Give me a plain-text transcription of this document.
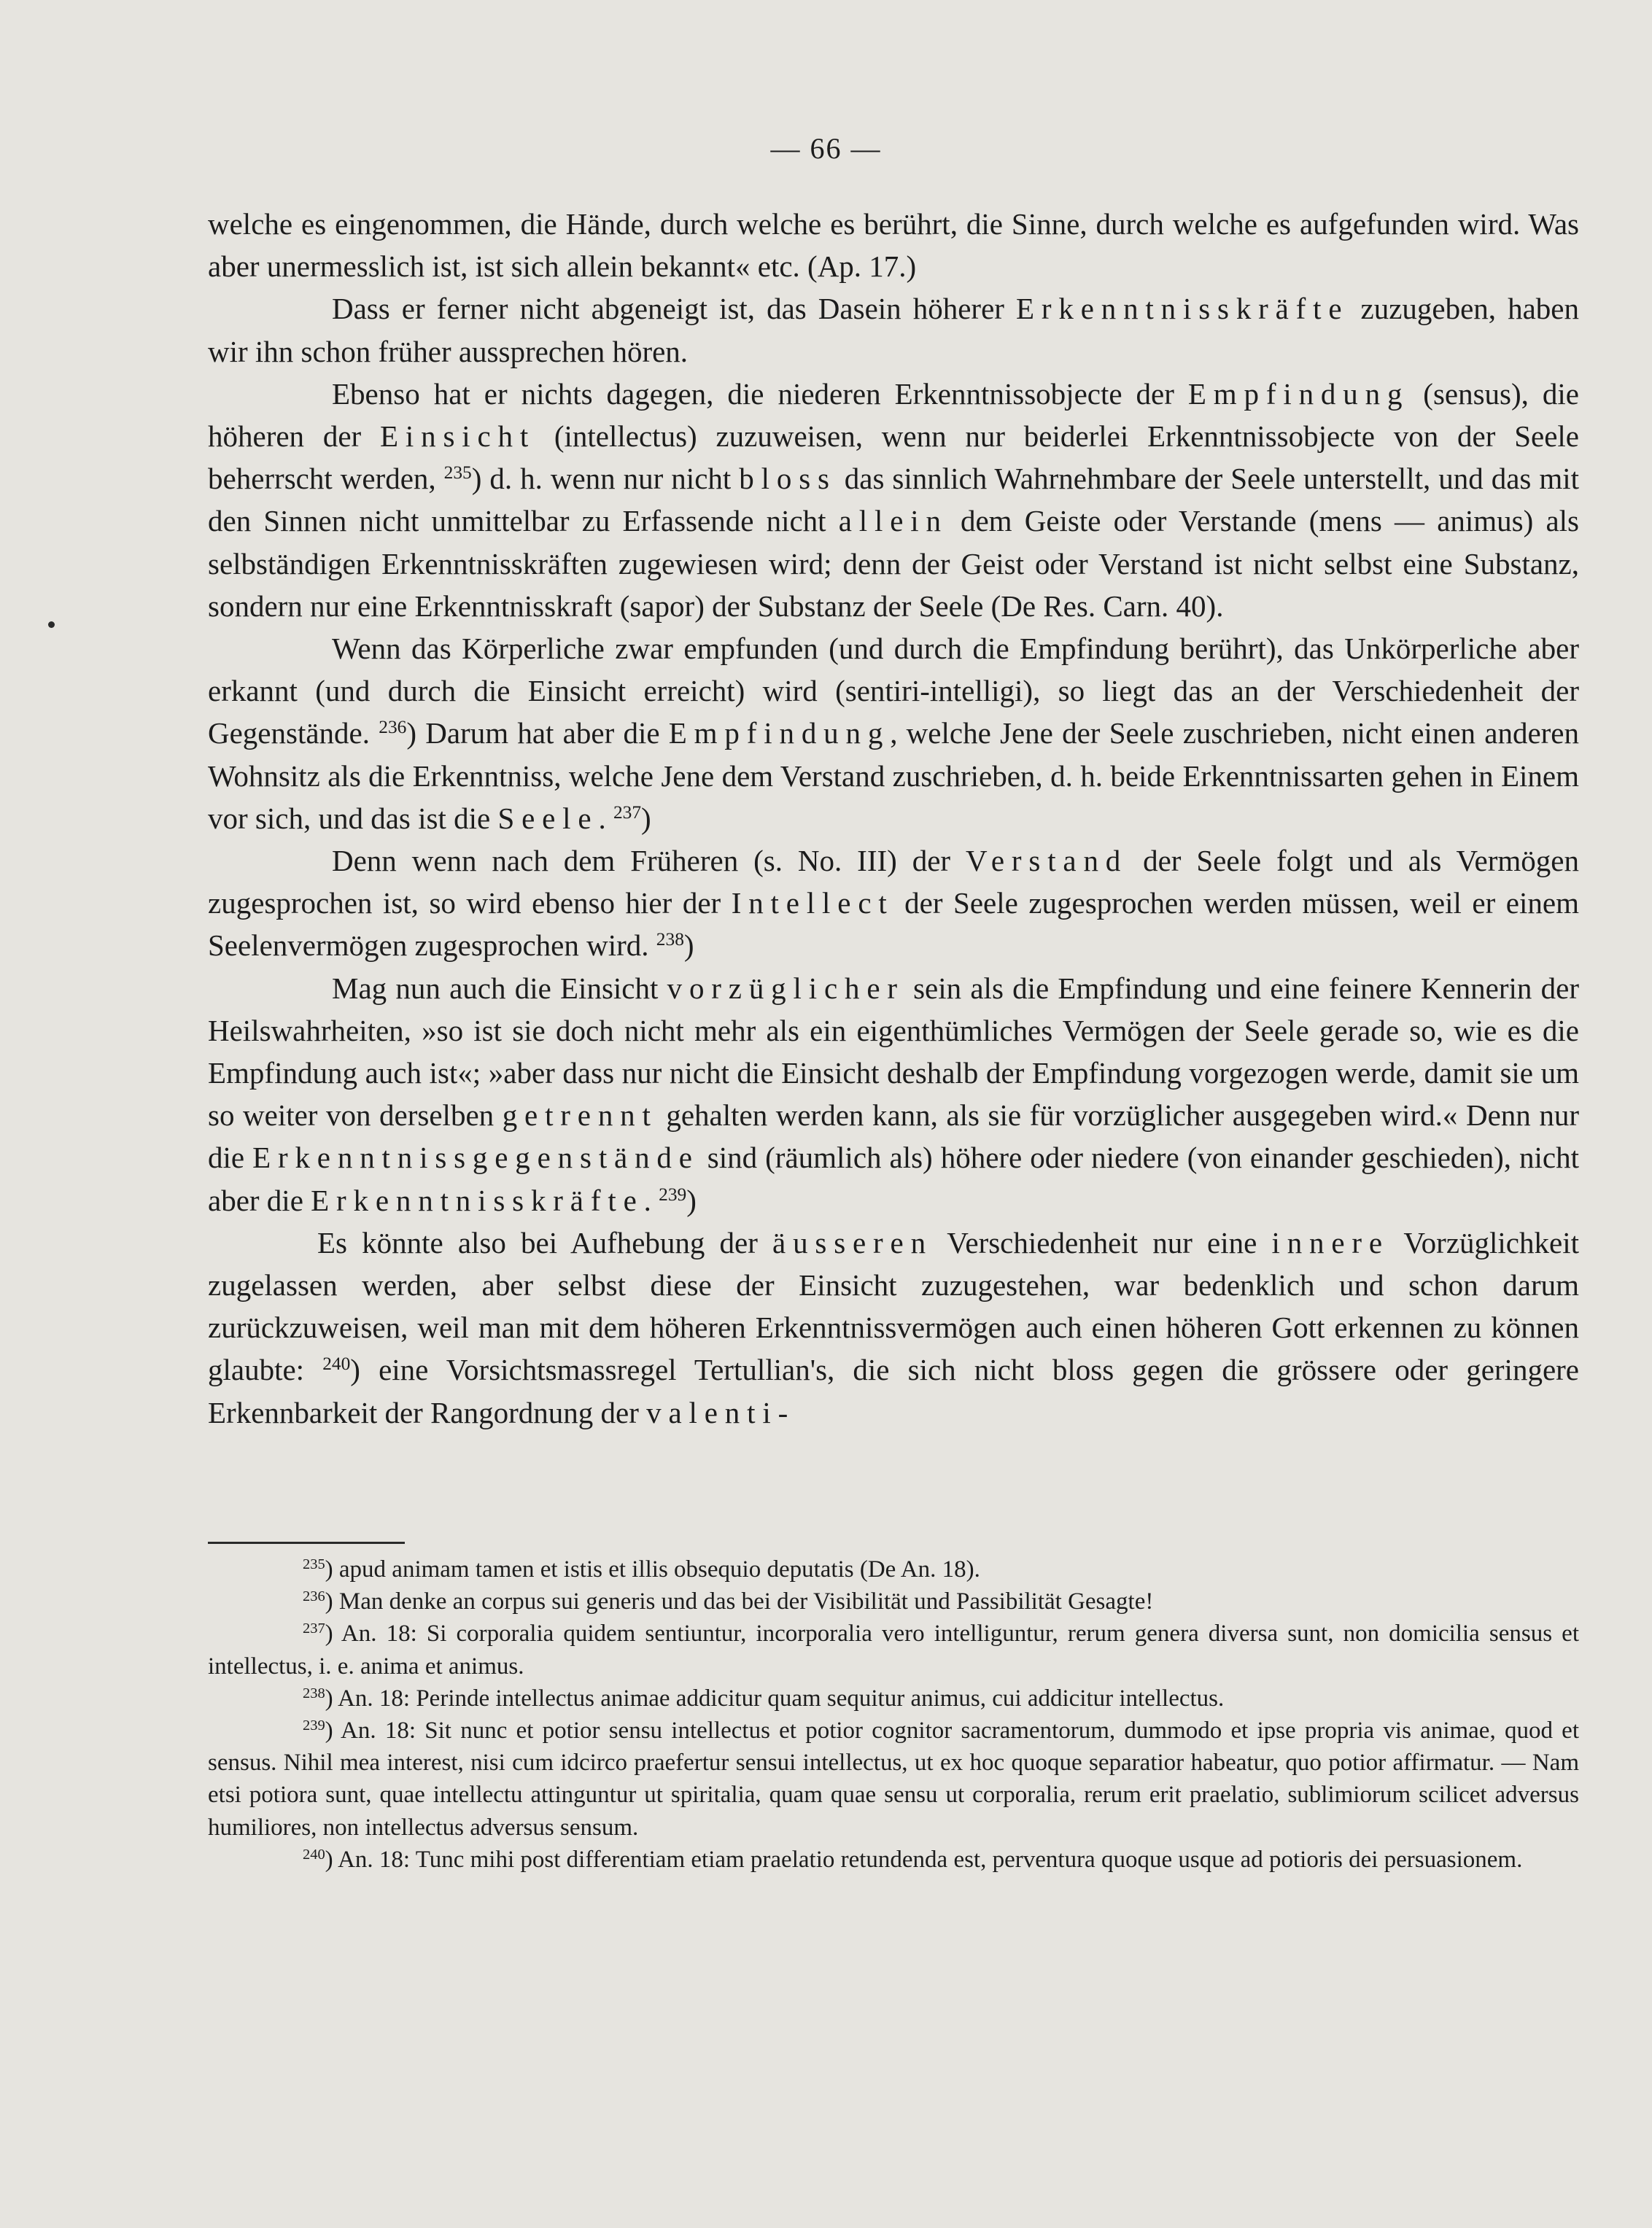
— 66 —

welche es eingenommen, die Hände, durch welche es berührt, die Sinne, durch welche es aufgefunden wird. Was aber unermesslich ist, ist sich allein bekannt« etc. (Ap. 17.)

Dass er ferner nicht abgeneigt ist, das Dasein höherer Erkenntnisskräfte zuzugeben, haben wir ihn schon früher aussprechen hören.

Ebenso hat er nichts dagegen, die niederen Erkenntnissobjecte der Empfindung (sensus), die höheren der Einsicht (intellectus) zuzuweisen, wenn nur beiderlei Erkenntnissobjecte von der Seele beherrscht werden, $^{235}$) d. h. wenn nur nicht bloss das sinnlich Wahrnehmbare der Seele unterstellt, und das mit den Sinnen nicht unmittelbar zu Erfassende nicht allein dem Geiste oder Verstande (mens — animus) als selbständigen Erkenntnisskräften zugewiesen wird; denn der Geist oder Verstand ist nicht selbst eine Substanz, sondern nur eine Erkenntnisskraft (sapor) der Substanz der Seele (De Res. Carn. 40).

Wenn das Körperliche zwar empfunden (und durch die Empfindung berührt), das Unkörperliche aber erkannt (und durch die Einsicht erreicht) wird (sentiri-intelligi), so liegt das an der Verschiedenheit der Gegenstände. $^{236}$) Darum hat aber die Empfindung, welche Jene der Seele zuschrieben, nicht einen anderen Wohnsitz als die Erkenntniss, welche Jene dem Verstand zuschrieben, d. h. beide Erkenntnissarten gehen in Einem vor sich, und das ist die Seele. $^{237}$)

Denn wenn nach dem Früheren (s. No. III) der Verstand der Seele folgt und als Vermögen zugesprochen ist, so wird ebenso hier der Intellect der Seele zugesprochen werden müssen, weil er einem Seelenvermögen zugesprochen wird. $^{238}$)

Mag nun auch die Einsicht vorzüglicher sein als die Empfindung und eine feinere Kennerin der Heilswahrheiten, »so ist sie doch nicht mehr als ein eigenthümliches Vermögen der Seele gerade so, wie es die Empfindung auch ist«; »aber dass nur nicht die Einsicht deshalb der Empfindung vorgezogen werde, damit sie um so weiter von derselben getrennt gehalten werden kann, als sie für vorzüglicher ausgegeben wird.« Denn nur die Erkenntnissgegenstände sind (räumlich als) höhere oder niedere (von einander geschieden), nicht aber die Erkenntnisskräfte. $^{239}$)

Es könnte also bei Aufhebung der äusseren Verschiedenheit nur eine innere Vorzüglichkeit zugelassen werden, aber selbst diese der Einsicht zuzugestehen, war bedenklich und schon darum zurückzuweisen, weil man mit dem höheren Erkenntnissvermögen auch einen höheren Gott erkennen zu können glaubte: $^{240}$) eine Vorsichtsmassregel Tertullian's, die sich nicht bloss gegen die grössere oder geringere Erkennbarkeit der Rangordnung der valenti-

$^{235}$) apud animam tamen et istis et illis obsequio deputatis (De An. 18).

$^{236}$) Man denke an corpus sui generis und das bei der Visibilität und Passibilität Gesagte!

$^{237}$) An. 18: Si corporalia quidem sentiuntur, incorporalia vero intelliguntur, rerum genera diversa sunt, non domicilia sensus et intellectus, i. e. anima et animus.

$^{238}$) An. 18: Perinde intellectus animae addicitur quam sequitur animus, cui addicitur intellectus.

$^{239}$) An. 18: Sit nunc et potior sensu intellectus et potior cognitor sacramentorum, dummodo et ipse propria vis animae, quod et sensus. Nihil mea interest, nisi cum idcirco praefertur sensui intellectus, ut ex hoc quoque separatior habeatur, quo potior affirmatur. — Nam etsi potiora sunt, quae intellectu attinguntur ut spiritalia, quam quae sensu ut corporalia, rerum erit praelatio, sublimiorum scilicet adversus humiliores, non intellectus adversus sensum.

$^{240}$) An. 18: Tunc mihi post differentiam etiam praelatio retundenda est, perventura quoque usque ad potioris dei persuasionem.
